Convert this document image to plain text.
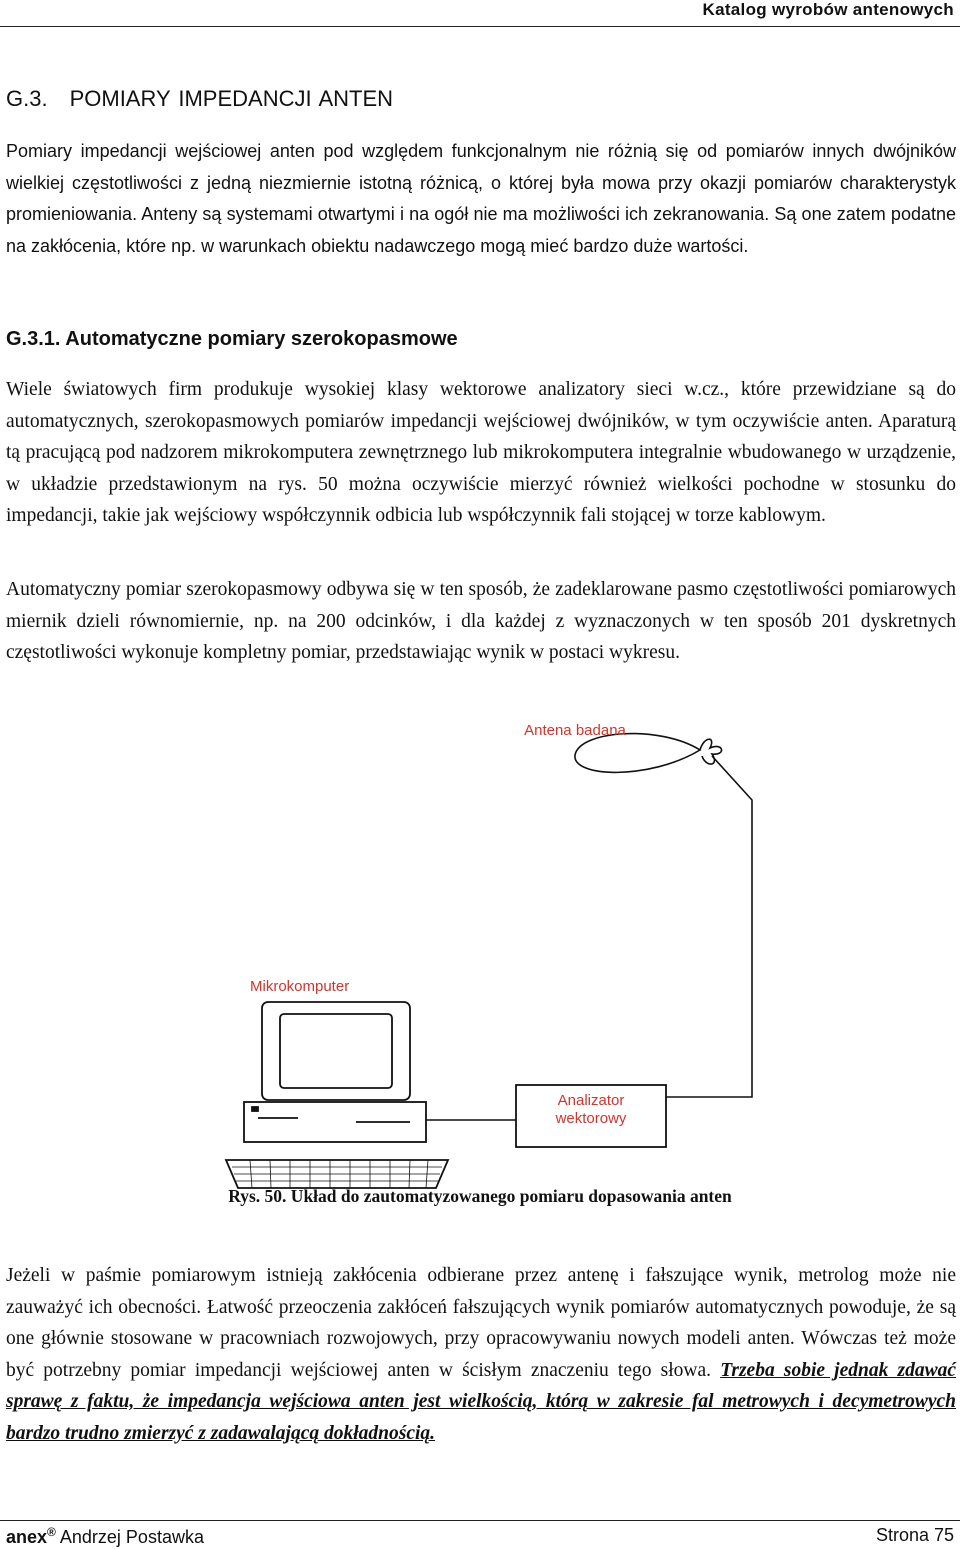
Katalog wyrobów antenowych
G.3. POMIARY IMPEDANCJI ANTEN

Pomiary impedancji wejściowej anten pod względem funkcjonalnym nie różnią się od pomiarów innych dwójników wielkiej częstotliwości z jedną niezmiernie istotną różnicą, o której była mowa przy okazji pomiarów charakterystyk promieniowania. Anteny są systemami otwartymi i na ogół nie ma możliwości ich zekranowania. Są one zatem podatne na zakłócenia, które np. w warunkach obiektu nadawczego mogą mieć bardzo duże wartości.

G.3.1. Automatyczne pomiary szerokopasmowe

Wiele światowych firm produkuje wysokiej klasy wektorowe analizatory sieci w.cz., które przewidziane są do automatycznych, szerokopasmowych pomiarów impedancji wejściowej dwójników, w tym oczywiście anten. Aparaturą tą pracującą pod nadzorem mikrokomputera zewnętrznego lub mikrokomputera integralnie wbudowanego w urządzenie, w układzie przedstawionym na rys. 50 można oczywiście mierzyć również wielkości pochodne w stosunku do impedancji, takie jak wejściowy współczynnik odbicia lub współczynnik fali stojącej w torze kablowym.

Automatyczny pomiar szerokopasmowy odbywa się w ten sposób, że zadeklarowane pasmo częstotliwości pomiarowych miernik dzieli równomiernie, np. na 200 odcinków, i dla każdej z wyznaczonych w ten sposób 201 dyskretnych częstotliwości wykonuje kompletny pomiar, przedstawiając wynik w postaci wykresu.

Antena badana
Mikrokomputer
Analizator
wektorowy
Rys. 50. Układ do zautomatyzowanego pomiaru dopasowania anten

Jeżeli w paśmie pomiarowym istnieją zakłócenia odbierane przez antenę i fałszujące wynik, metrolog może nie zauważyć ich obecności. Łatwość przeoczenia zakłóceń fałszujących wynik pomiarów automatycznych powoduje, że są one głównie stosowane w pracowniach rozwojowych, przy opracowywaniu nowych modeli anten. Wówczas też może być potrzebny pomiar impedancji wejściowej anten w ścisłym znaczeniu tego słowa. Trzeba sobie jednak zdawać sprawę z faktu, że impedancja wejściowa anten jest wielkością, którą w zakresie fal metrowych i decymetrowych bardzo trudno zmierzyć z zadawalającą dokładnością.

anex® Andrzej Postawka	Strona 75
